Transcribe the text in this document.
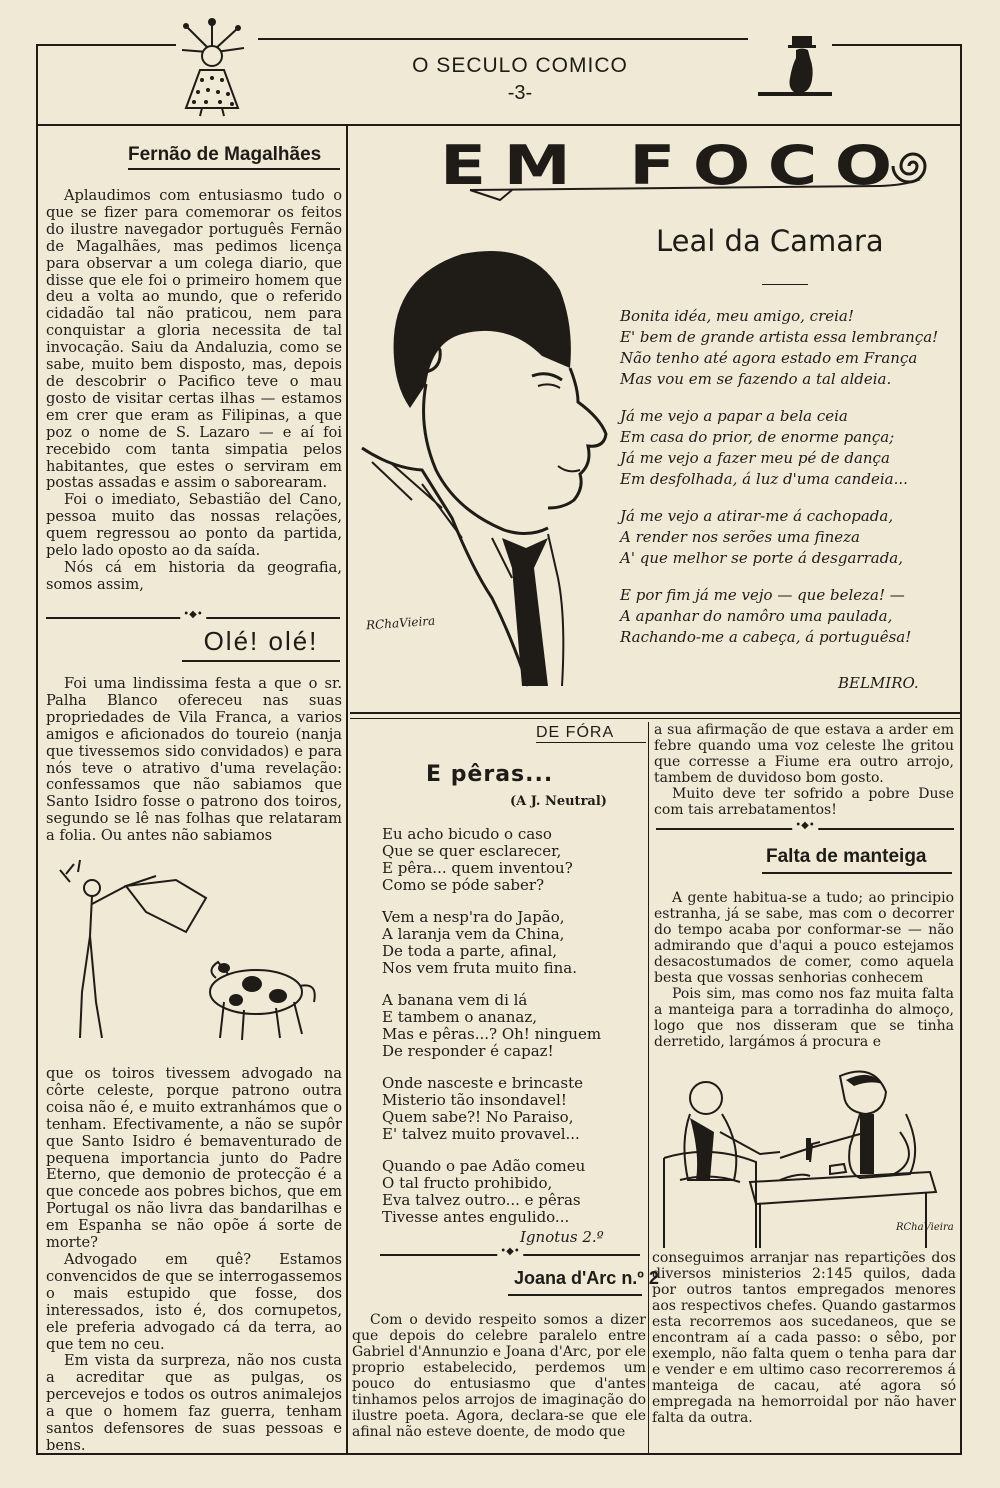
O SECULO COMICO
-3-
Fernão de Magalhães

Aplaudimos com entusiasmo tudo o que se fizer para comemorar os feitos do ilustre navegador português Fernão de Magalhães, mas pedimos licença para observar a um colega diario, que disse que ele foi o primeiro homem que deu a volta ao mundo, que o referido cidadão tal não praticou, nem para conquistar a gloria necessita de tal invocação. Saiu da Andaluzia, como se sabe, muito bem disposto, mas, depois de descobrir o Pacifico teve o mau gosto de visitar certas ilhas — estamos em crer que eram as Filipinas, a que poz o nome de S. Lazaro — e aí foi recebido com tanta simpatia pelos habitantes, que estes o serviram em postas assadas e assim o saborearam.

Foi o imediato, Sebastião del Cano, pessoa muito das nossas relações, quem regressou ao ponto da partida, pelo lado oposto ao da saída.

Nós cá em historia da geografia, somos assim,

•◆•
Olé! olé!

Foi uma lindissima festa a que o sr. Palha Blanco ofereceu nas suas propriedades de Vila Franca, a varios amigos e aficionados do toureio (nanja que tivessemos sido convidados) e para nós teve o atrativo d'uma revelação: confessamos que não sabiamos que Santo Isidro fosse o patrono dos toiros, segundo se lê nas folhas que relataram a folia. Ou antes não sabiamos

que os toiros tivessem advogado na côrte celeste, porque patrono outra coisa não é, e muito extranhámos que o tenham. Efectivamente, a não se supôr que Santo Isidro é bemaventurado de pequena importancia junto do Padre Eterno, que demonio de protecção é a que concede aos pobres bichos, que em Portugal os não livra das bandarilhas e em Espanha se não opõe á sorte de morte?

Advogado em quê? Estamos convencidos de que se interrogassemos o mais estupido que fosse, dos interessados, isto é, dos cornupetos, ele preferia advogado cá da terra, ao que tem no ceu.

Em vista da surpreza, não nos custa a acreditar que as pulgas, os percevejos e todos os outros animalejos a que o homem faz guerra, tenham santos defensores de suas pessoas e bens.

EM FOCO
Leal da Camara
RChaVieira
Bonita idéa, meu amigo, creia!
E' bem de grande artista essa lembrança!
Não tenho até agora estado em França
Mas vou em se fazendo a tal aldeia.
Já me vejo a papar a bela ceia
Em casa do prior, de enorme pança;
Já me vejo a fazer meu pé de dança
Em desfolhada, á luz d'uma candeia...
Já me vejo a atirar-me á cachopada,
A render nos serões uma fineza
A' que melhor se porte á desgarrada,
E por fim já me vejo — que beleza! —
A apanhar do namôro uma paulada,
Rachando-me a cabeça, á portuguêsa!
BELMIRO.
DE FÓRA
E pêras...
(A J. Neutral)
Eu acho bicudo o caso
Que se quer esclarecer,
E pêra... quem inventou?
Como se póde saber?
Vem a nesp'ra do Japão,
A laranja vem da China,
De toda a parte, afinal,
Nos vem fruta muito fina.
A banana vem di lá
E tambem o ananaz,
Mas e pêras...? Oh! ninguem
De responder é capaz!
Onde nasceste e brincaste
Misterio tão insondavel!
Quem sabe?! No Paraiso,
E' talvez muito provavel...
Quando o pae Adão comeu
O tal fructo prohibido,
Eva talvez outro... e pêras
Tivesse antes engulido...
Ignotus 2.º
•◆•
Joana d'Arc n.º 2

Com o devido respeito somos a dizer que depois do celebre paralelo entre Gabriel d'Annunzio e Joana d'Arc, por ele proprio estabelecido, perdemos um pouco do entusiasmo que d'antes tinhamos pelos arrojos de imaginação do ilustre poeta. Agora, declara-se que ele afinal não esteve doente, de modo que

a sua afirmação de que estava a arder em febre quando uma voz celeste lhe gritou que corresse a Fiume era outro arrojo, tambem de duvidoso bom gosto.

Muito deve ter sofrido a pobre Duse com tais arrebatamentos!

•◆•
Falta de manteiga

A gente habitua-se a tudo; ao principio estranha, já se sabe, mas com o decorrer do tempo acaba por conformar-se — não admirando que d'aqui a pouco estejamos desacostumados de comer, como aquela besta que vossas senhorias conhecem

Pois sim, mas como nos faz muita falta a manteiga para a torradinha do almoço, logo que nos disseram que se tinha derretido, largámos á procura e

RChaVieira

conseguimos arranjar nas repartições dos diversos ministerios 2:145 quilos, dada por outros tantos empregados menores aos respectivos chefes. Quando gastarmos esta recorremos aos sucedaneos, que se encontram aí a cada passo: o sêbo, por exemplo, não falta quem o tenha para dar e vender e em ultimo caso recorreremos á manteiga de cacau, até agora só empregada na hemorroidal por não haver falta da outra.
